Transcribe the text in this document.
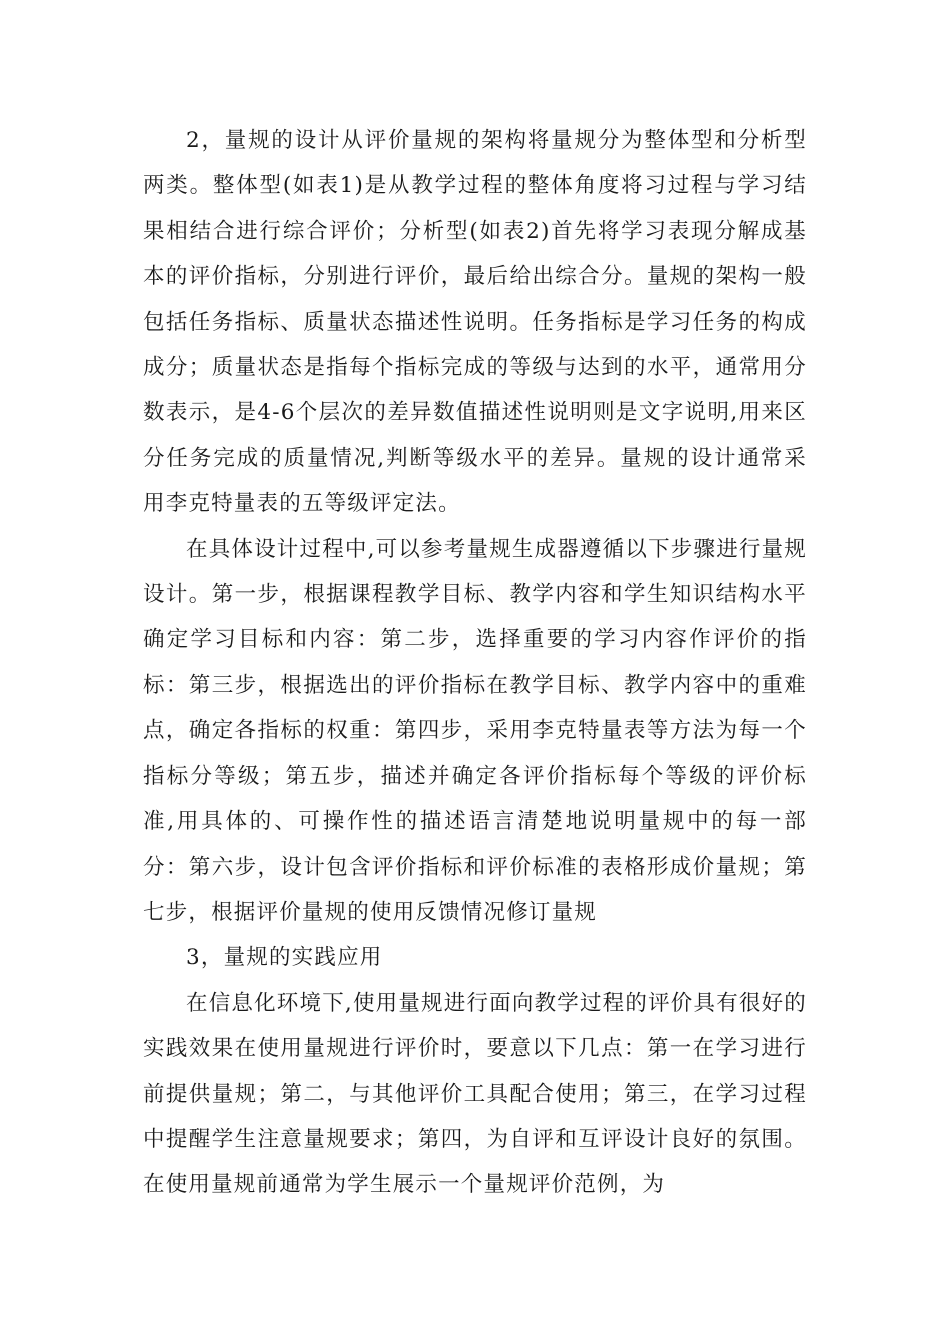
2，量规的设计从评价量规的架构将量规分为整体型和分析型两类。整体型(如表1)是从教学过程的整体角度将习过程与学习结果相结合进行综合评价；分析型(如表2)首先将学习表现分解成基本的评价指标，分别进行评价，最后给出综合分。量规的架构一般包括任务指标、质量状态描述性说明。任务指标是学习任务的构成成分；质量状态是指每个指标完成的等级与达到的水平，通常用分数表示，是4-6个层次的差异数值描述性说明则是文字说明,用来区分任务完成的质量情况,判断等级水平的差异。量规的设计通常采用李克特量表的五等级评定法。

在具体设计过程中,可以参考量规生成器遵循以下步骤进行量规设计。第一步，根据课程教学目标、教学内容和学生知识结构水平确定学习目标和内容：第二步，选择重要的学习内容作评价的指标：第三步，根据选出的评价指标在教学目标、教学内容中的重难点，确定各指标的权重：第四步，采用李克特量表等方法为每一个指标分等级；第五步，描述并确定各评价指标每个等级的评价标准,用具体的、可操作性的描述语言清楚地说明量规中的每一部分：第六步，设计包含评价指标和评价标准的表格形成价量规；第七步，根据评价量规的使用反馈情况修订量规

3，量规的实践应用

在信息化环境下,使用量规进行面向教学过程的评价具有很好的实践效果在使用量规进行评价时，要意以下几点：第一在学习进行前提供量规；第二，与其他评价工具配合使用；第三，在学习过程中提醒学生注意量规要求；第四，为自评和互评设计良好的氛围。在使用量规前通常为学生展示一个量规评价范例，为
